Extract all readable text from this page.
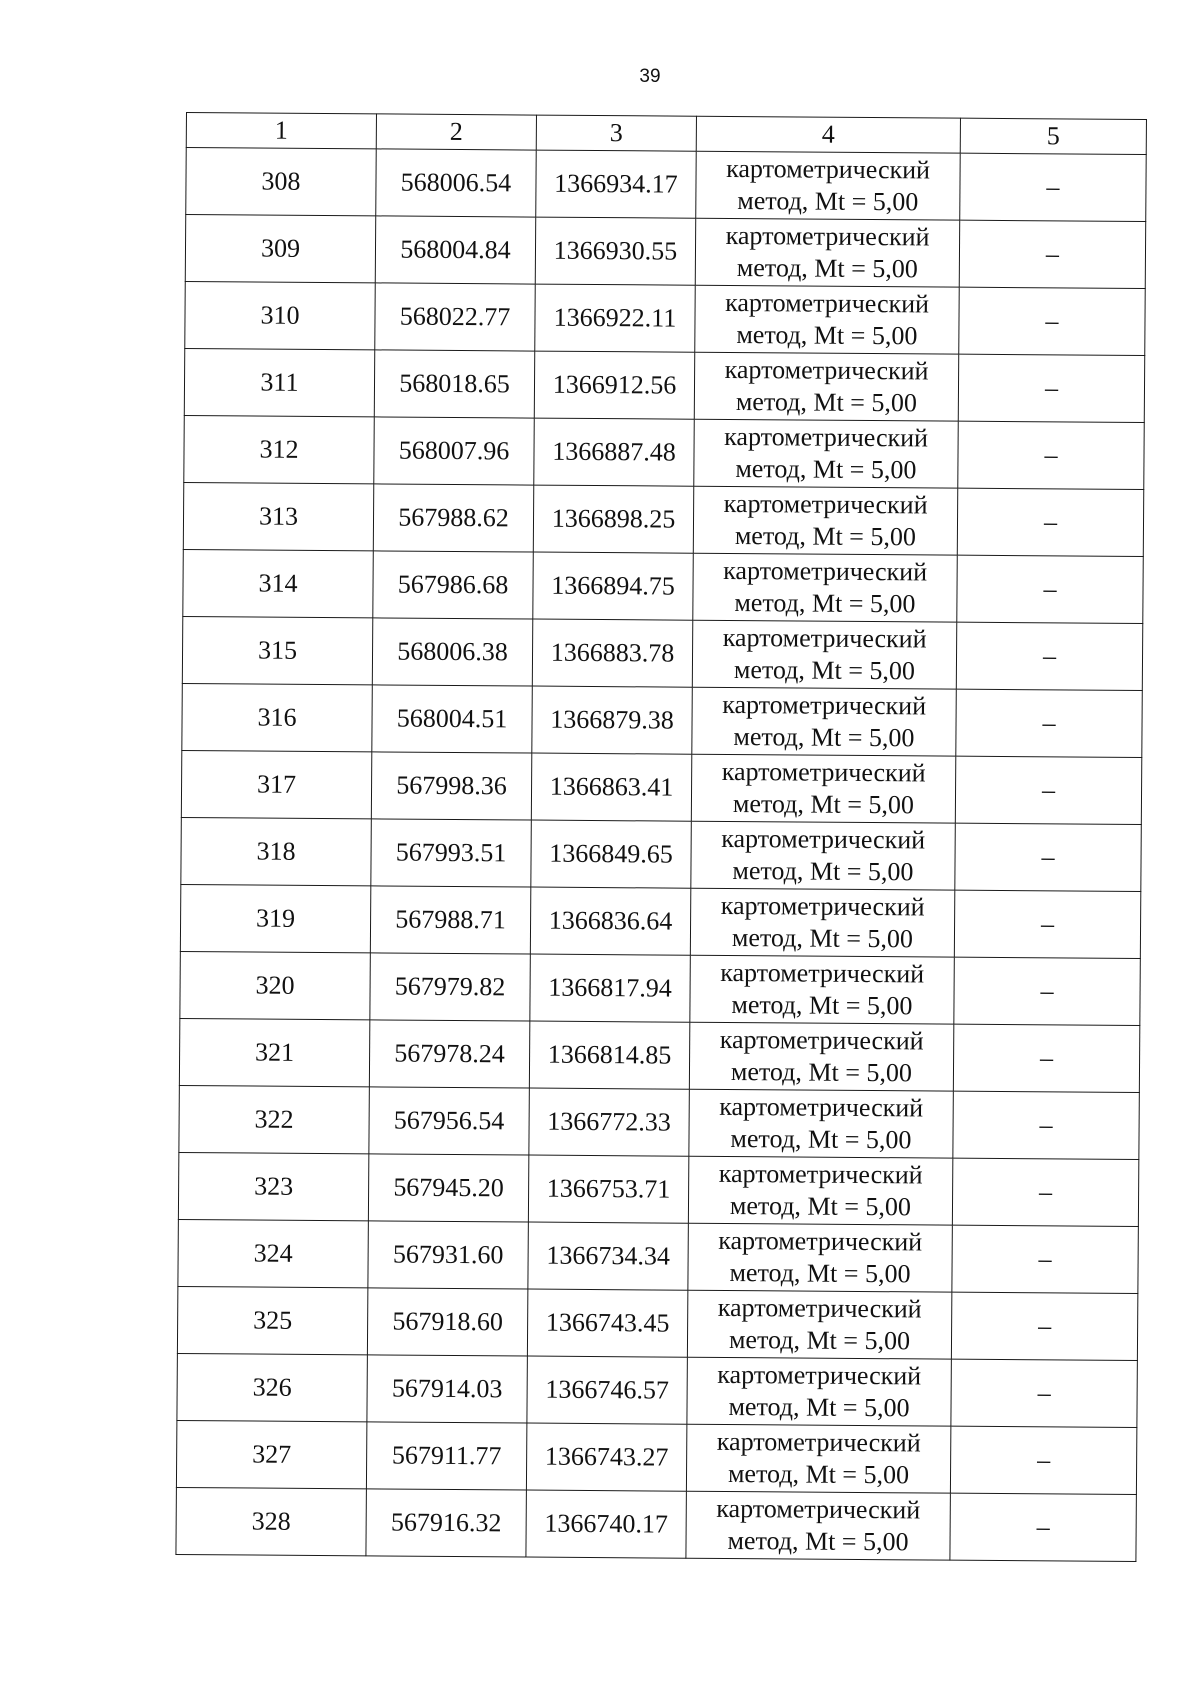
39
1	2	3	4	5
308	568006.54	1366934.17	картометрический
метод, Mt = 5,00	–
309	568004.84	1366930.55	картометрический
метод, Mt = 5,00	–
310	568022.77	1366922.11	картометрический
метод, Mt = 5,00	–
311	568018.65	1366912.56	картометрический
метод, Mt = 5,00	–
312	568007.96	1366887.48	картометрический
метод, Mt = 5,00	–
313	567988.62	1366898.25	картометрический
метод, Mt = 5,00	–
314	567986.68	1366894.75	картометрический
метод, Mt = 5,00	–
315	568006.38	1366883.78	картометрический
метод, Mt = 5,00	–
316	568004.51	1366879.38	картометрический
метод, Mt = 5,00	–
317	567998.36	1366863.41	картометрический
метод, Mt = 5,00	–
318	567993.51	1366849.65	картометрический
метод, Mt = 5,00	–
319	567988.71	1366836.64	картометрический
метод, Mt = 5,00	–
320	567979.82	1366817.94	картометрический
метод, Mt = 5,00	–
321	567978.24	1366814.85	картометрический
метод, Mt = 5,00	–
322	567956.54	1366772.33	картометрический
метод, Mt = 5,00	–
323	567945.20	1366753.71	картометрический
метод, Mt = 5,00	–
324	567931.60	1366734.34	картометрический
метод, Mt = 5,00	–
325	567918.60	1366743.45	картометрический
метод, Mt = 5,00	–
326	567914.03	1366746.57	картометрический
метод, Mt = 5,00	–
327	567911.77	1366743.27	картометрический
метод, Mt = 5,00	–
328	567916.32	1366740.17	картометрический
метод, Mt = 5,00	–
